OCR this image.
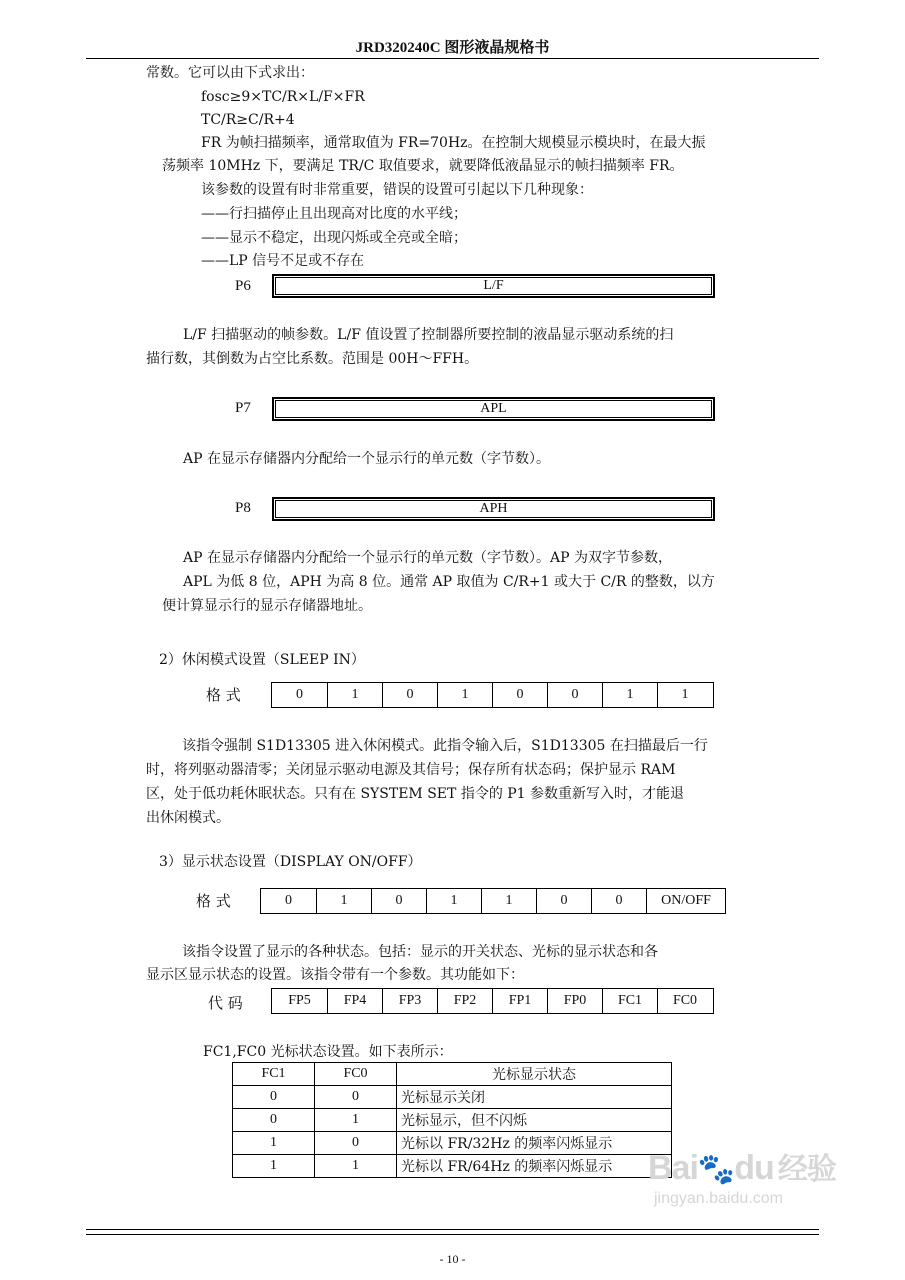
JRD320240C 图形液晶规格书
常数。它可以由下式求出：
fosc≥9×TC/R×L/F×FR
TC/R≥C/R+4
FR 为帧扫描频率，通常取值为 FR=70Hz。在控制大规模显示模块时，在最大振
荡频率 10MHz 下，要满足 TR/C 取值要求，就要降低液晶显示的帧扫描频率 FR。
该参数的设置有时非常重要，错误的设置可引起以下几种现象：
——行扫描停止且出现高对比度的水平线；
——显示不稳定，出现闪烁或全亮或全暗；
——LP 信号不足或不存在
P6	L/F
L/F 扫描驱动的帧参数。L/F 值设置了控制器所要控制的液晶显示驱动系统的扫
描行数，其倒数为占空比系数。范围是 00H～FFH。
P7	APL
AP 在显示存储器内分配给一个显示行的单元数（字节数）。
P8	APH
AP 在显示存储器内分配给一个显示行的单元数（字节数）。AP 为双字节参数，
APL 为低 8 位，APH 为高 8 位。通常 AP 取值为 C/R+1 或大于 C/R 的整数，以方
便计算显示行的显示存储器地址。
2）休闲模式设置（SLEEP IN）
格 式	0	1	0	1	0	0	1	1
该指令强制 S1D13305 进入休闲模式。此指令输入后，S1D13305 在扫描最后一行
时，将列驱动器清零；关闭显示驱动电源及其信号；保存所有状态码；保护显示 RAM
区，处于低功耗休眠状态。只有在 SYSTEM SET 指令的 P1 参数重新写入时，才能退
出休闲模式。
3）显示状态设置（DISPLAY ON/OFF）
格 式	0	1	0	1	1	0	0	ON/OFF
该指令设置了显示的各种状态。包括：显示的开关状态、光标的显示状态和各
显示区显示状态的设置。该指令带有一个参数。其功能如下：
代 码	FP5	FP4	FP3	FP2	FP1	FP0	FC1	FC0
FC1,FC0 光标状态设置。如下表所示：
FC1	FC0	光标显示状态
0	0	光标显示关闭
0	1	光标显示，但不闪烁
1	0	光标以 FR/32Hz 的频率闪烁显示
1	1	光标以 FR/64Hz 的频率闪烁显示 Bai🐾du 经验
jingyan.baidu.com
- 10 -
